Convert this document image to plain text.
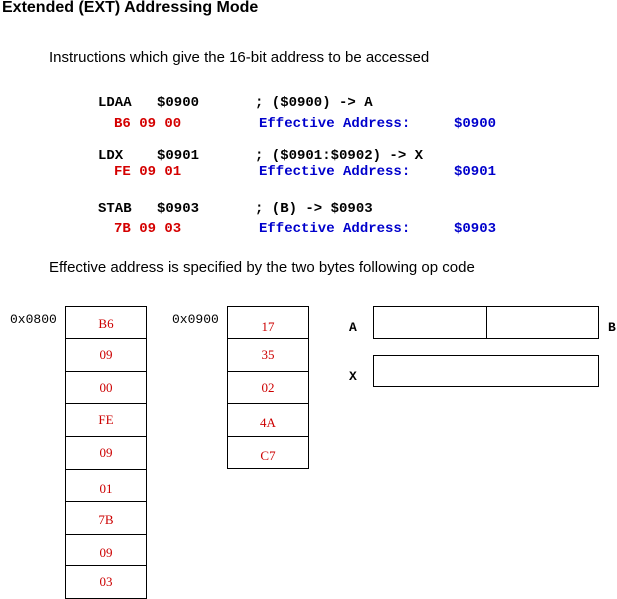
Extended (EXT) Addressing Mode
Instructions which give the 16-bit address to be accessed
LDAA $0900	; ($0900) -> A
B6 09 00	Effective Address:	$0900
LDX $0901	; ($0901:$0902) -> X
FE 09 01	Effective Address:	$0901
STAB $0903	; (B) -> $0903
7B 09 03	Effective Address:	$0903
Effective address is specified by the two bytes following op code
0x0800	B6
09
00
FE
09
01
7B
09
03
0x0900	17
35
02
4A
C7
A	B
X
